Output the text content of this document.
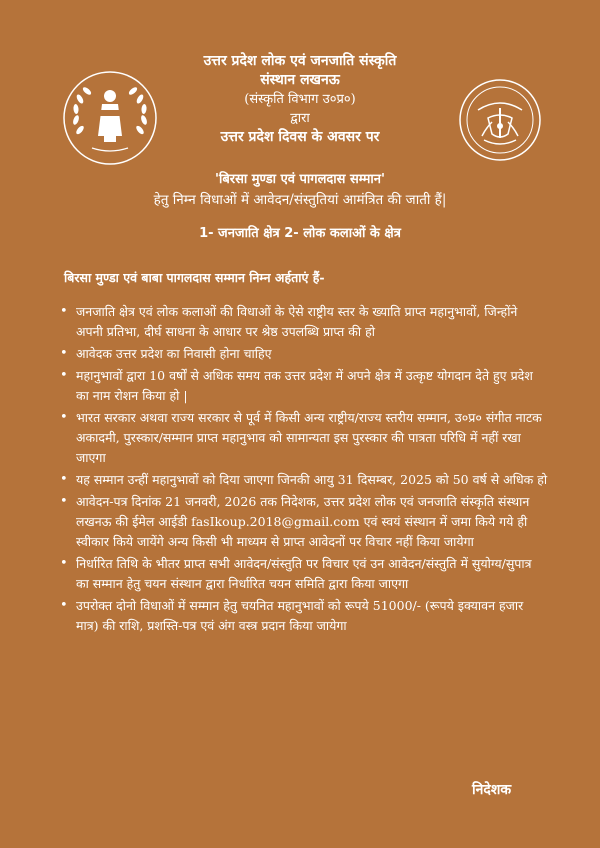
उत्तर प्रदेश लोक एवं जनजाति संस्कृति
संस्थान लखनऊ
(संस्कृति विभाग उ०प्र०)
द्वारा
उत्तर प्रदेश दिवस के अवसर पर
'बिरसा मुण्डा एवं पागलदास सम्मान'
हेतु निम्न विधाओं में आवेदन/संस्तुतियां आमंत्रित की जाती हैं|
1- जनजाति क्षेत्र 2- लोक कलाओं के क्षेत्र
बिरसा मुण्डा एवं बाबा पागलदास सम्मान निम्न अर्हताएं हैं-
• जनजाति क्षेत्र एवं लोक कलाओं की विधाओं के ऐसे राष्ट्रीय स्तर के ख्याति प्राप्त महानुभावों, जिन्होंने अपनी प्रतिभा, दीर्घ साधना के आधार पर श्रेष्ठ उपलब्धि प्राप्त की हो
• आवेदक उत्तर प्रदेश का निवासी होना चाहिए
• महानुभावों द्वारा 10 वर्षों से अधिक समय तक उत्तर प्रदेश में अपने क्षेत्र में उत्कृष्ट योगदान देते हुए प्रदेश का नाम रोशन किया हो |
• भारत सरकार अथवा राज्य सरकार से पूर्व में किसी अन्य राष्ट्रीय/राज्य स्तरीय सम्मान, उ०प्र० संगीत नाटक अकादमी, पुरस्कार/सम्मान प्राप्त महानुभाव को सामान्यता इस पुरस्कार की पात्रता परिधि में नहीं रखा जाएगा
• यह सम्मान उन्हीं महानुभावों को दिया जाएगा जिनकी आयु 31 दिसम्बर, 2025 को 50 वर्ष से अधिक हो
• आवेदन-पत्र दिनांक 21 जनवरी, 2026 तक निदेशक, उत्तर प्रदेश लोक एवं जनजाति संस्कृति संस्थान लखनऊ की ईमेल आईडी fasIkoup.2018@gmail.com एवं स्वयं संस्थान में जमा किये गये ही स्वीकार किये जायेंगे अन्य किसी भी माध्यम से प्राप्त आवेदनों पर विचार नहीं किया जायेगा
• निर्धारित तिथि के भीतर प्राप्त सभी आवेदन/संस्तुति पर विचार एवं उन आवेदन/संस्तुति में सुयोग्य/सुपात्र का सम्मान हेतु चयन संस्थान द्वारा निर्धारित चयन समिति द्वारा किया जाएगा
• उपरोक्त दोनो विधाओं में सम्मान हेतु चयनित महानुभावों को रूपये 51000/- (रूपये इक्यावन हजार मात्र) की राशि, प्रशस्ति-पत्र एवं अंग वस्त्र प्रदान किया जायेगा
निदेशक
